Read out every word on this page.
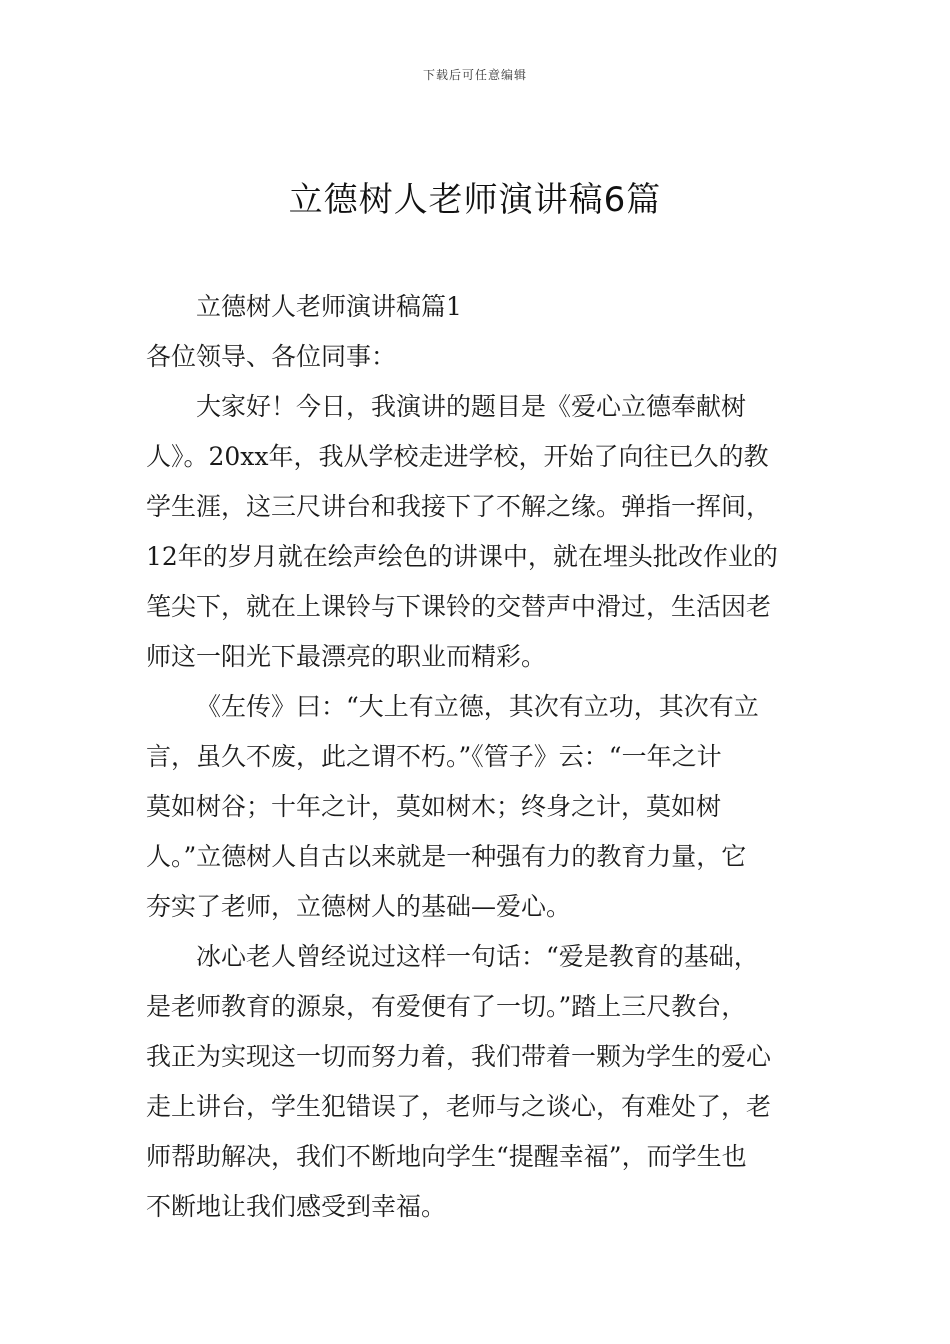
下载后可任意编辑
立德树人老师演讲稿6篇
立德树人老师演讲稿篇1
各位领导、各位同事：
大家好！今日，我演讲的题目是《爱心立德奉献树
人》。20xx年，我从学校走进学校，开始了向往已久的教
学生涯，这三尺讲台和我接下了不解之缘。弹指一挥间，
12年的岁月就在绘声绘色的讲课中，就在埋头批改作业的
笔尖下，就在上课铃与下课铃的交替声中滑过，生活因老
师这一阳光下最漂亮的职业而精彩。
《左传》曰：“大上有立德，其次有立功，其次有立
言，虽久不废，此之谓不朽。”《管子》云：“一年之计
莫如树谷；十年之计，莫如树木；终身之计，莫如树
人。”立德树人自古以来就是一种强有力的教育力量，它
夯实了老师，立德树人的基础—爱心。
冰心老人曾经说过这样一句话：“爱是教育的基础，
是老师教育的源泉，有爱便有了一切。”踏上三尺教台，
我正为实现这一切而努力着，我们带着一颗为学生的爱心
走上讲台，学生犯错误了，老师与之谈心，有难处了，老
师帮助解决，我们不断地向学生“提醒幸福”，而学生也
不断地让我们感受到幸福。
